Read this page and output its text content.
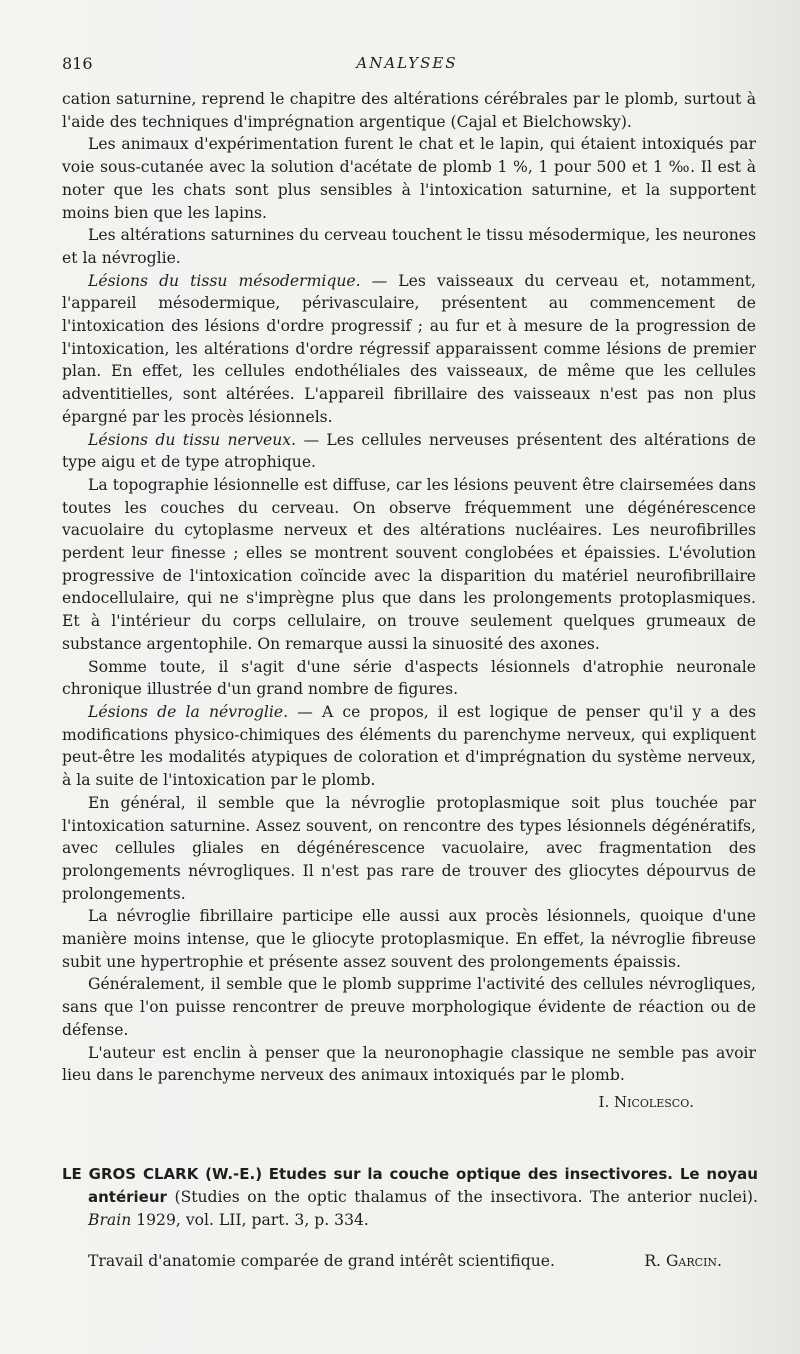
816	ANALYSES

cation saturnine, reprend le chapitre des altérations cérébrales par le plomb, surtout à l'aide des techniques d'imprégnation argentique (Cajal et Bielchowsky).

Les animaux d'expérimentation furent le chat et le lapin, qui étaient intoxiqués par voie sous-cutanée avec la solution d'acétate de plomb 1 %, 1 pour 500 et 1 ‰. Il est à noter que les chats sont plus sensibles à l'intoxication saturnine, et la supportent moins bien que les lapins.

Les altérations saturnines du cerveau touchent le tissu mésodermique, les neurones et la névroglie.

Lésions du tissu mésodermique. — Les vaisseaux du cerveau et, notamment, l'appareil mésodermique, périvasculaire, présentent au commencement de l'intoxication des lésions d'ordre progressif ; au fur et à mesure de la progression de l'intoxication, les altérations d'ordre régressif apparaissent comme lésions de premier plan. En effet, les cellules endothéliales des vaisseaux, de même que les cellules adventitielles, sont altérées. L'appareil fibrillaire des vaisseaux n'est pas non plus épargné par les procès lésionnels.

Lésions du tissu nerveux. — Les cellules nerveuses présentent des altérations de type aigu et de type atrophique.

La topographie lésionnelle est diffuse, car les lésions peuvent être clairsemées dans toutes les couches du cerveau. On observe fréquemment une dégénérescence vacuolaire du cytoplasme nerveux et des altérations nucléaires. Les neurofibrilles perdent leur finesse ; elles se montrent souvent conglobées et épaissies. L'évolution progressive de l'intoxication coïncide avec la disparition du matériel neurofibrillaire endocellulaire, qui ne s'imprègne plus que dans les prolongements protoplasmiques. Et à l'intérieur du corps cellulaire, on trouve seulement quelques grumeaux de substance argentophile. On remarque aussi la sinuosité des axones.

Somme toute, il s'agit d'une série d'aspects lésionnels d'atrophie neuronale chronique illustrée d'un grand nombre de figures.

Lésions de la névroglie. — A ce propos, il est logique de penser qu'il y a des modifications physico-chimiques des éléments du parenchyme nerveux, qui expliquent peut-être les modalités atypiques de coloration et d'imprégnation du système nerveux, à la suite de l'intoxication par le plomb.

En général, il semble que la névroglie protoplasmique soit plus touchée par l'intoxication saturnine. Assez souvent, on rencontre des types lésionnels dégénératifs, avec cellules gliales en dégénérescence vacuolaire, avec fragmentation des prolongements névrogliques. Il n'est pas rare de trouver des gliocytes dépourvus de prolongements.

La névroglie fibrillaire participe elle aussi aux procès lésionnels, quoique d'une manière moins intense, que le gliocyte protoplasmique. En effet, la névroglie fibreuse subit une hypertrophie et présente assez souvent des prolongements épaissis.

Généralement, il semble que le plomb supprime l'activité des cellules névrogliques, sans que l'on puisse rencontrer de preuve morphologique évidente de réaction ou de défense.

L'auteur est enclin à penser que la neuronophagie classique ne semble pas avoir lieu dans le parenchyme nerveux des animaux intoxiqués par le plomb.

I. Nicolesco.

LE GROS CLARK (W.-E.) Etudes sur la couche optique des insectivores. Le noyau antérieur (Studies on the optic thalamus of the insectivora. The anterior nuclei). Brain 1929, vol. LII, part. 3, p. 334.

Travail d'anatomie comparée de grand intérêt scientifique.	R. Garcin.
